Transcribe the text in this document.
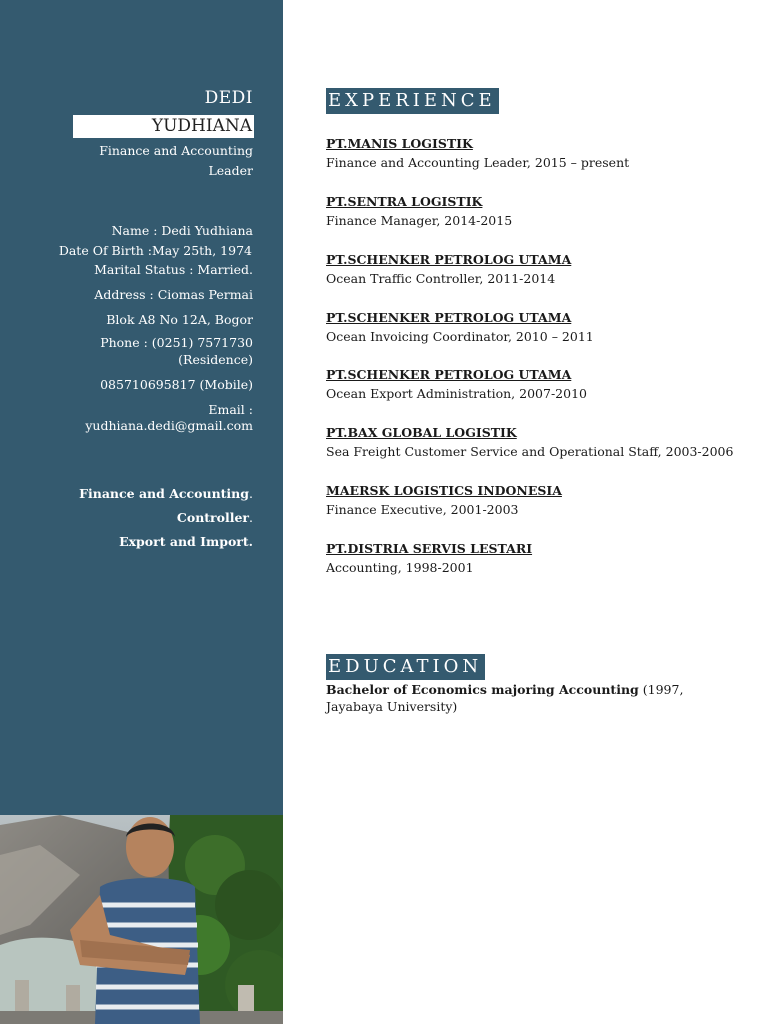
DEDI
YUDHIANA
Finance and Accounting Leader
Name : Dedi Yudhiana
Date Of Birth :May 25th, 1974
Marital Status : Married.
Address : Ciomas Permai
Blok A8 No 12A, Bogor
Phone : (0251) 7571730
(Residence)
085710695817 (Mobile)
Email :
yudhiana.dedi@gmail.com
Finance and Accounting.
Controller.
Export and Import.
EXPERIENCE
PT.MANIS LOGISTIK
Finance and Accounting Leader, 2015 – present
PT.SENTRA LOGISTIK
Finance Manager, 2014-2015
PT.SCHENKER PETROLOG UTAMA
Ocean Traffic Controller, 2011-2014
PT.SCHENKER PETROLOG UTAMA
Ocean Invoicing Coordinator, 2010 – 2011
PT.SCHENKER PETROLOG UTAMA
Ocean Export Administration, 2007-2010
PT.BAX GLOBAL LOGISTIK
Sea Freight Customer Service and Operational Staff, 2003-2006
MAERSK LOGISTICS INDONESIA
Finance Executive, 2001-2003
PT.DISTRIA SERVIS LESTARI
Accounting, 1998-2001
EDUCATION
Bachelor of Economics majoring Accounting (1997, Jayabaya University)
